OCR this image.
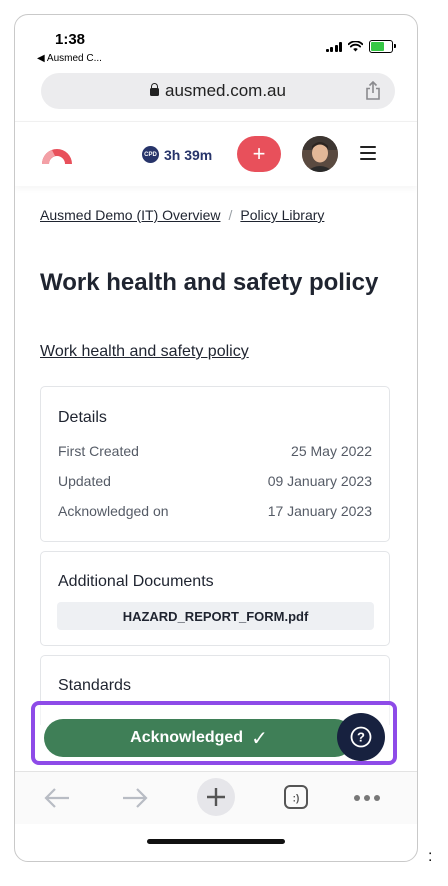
1:38
◀ Ausmed C...
ausmed.com.au
CPD 3h 39m	+
Ausmed Demo (IT) Overview / Policy Library
Work health and safety policy
Work health and safety policy
Details
First Created	25 May 2022
Updated	09 January 2023
Acknowledged on	17 January 2023
Additional Documents
HAZARD_REPORT_FORM.pdf
Standards
Acknowledged ✓	?
:)
:
